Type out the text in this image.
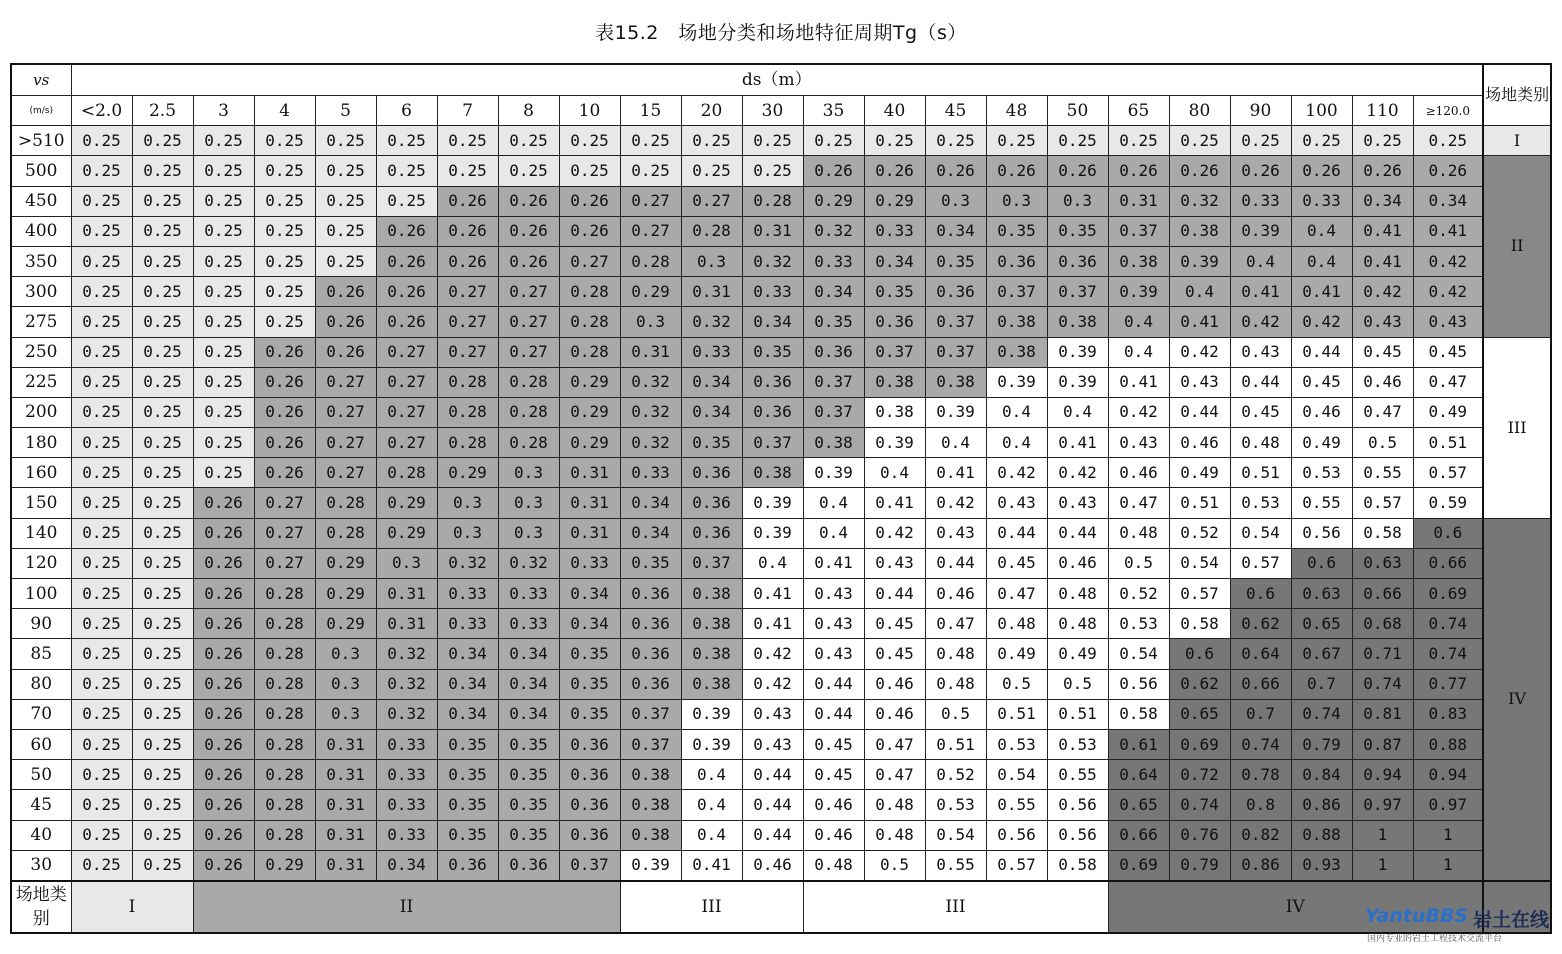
表15.2　场地分类和场地特征周期Tg（s）
vs	ds（m）																							场地类别
(m/s)	<2.0	2.5	3	4	5	6	7	8	10	15	20	30	35	40	45	48	50	65	80	90	100	110	≥120.0	
>510	0.25	0.25	0.25	0.25	0.25	0.25	0.25	0.25	0.25	0.25	0.25	0.25	0.25	0.25	0.25	0.25	0.25	0.25	0.25	0.25	0.25	0.25	0.25	I
500	0.25	0.25	0.25	0.25	0.25	0.25	0.25	0.25	0.25	0.25	0.25	0.25	0.26	0.26	0.26	0.26	0.26	0.26	0.26	0.26	0.26	0.26	0.26	II
450	0.25	0.25	0.25	0.25	0.25	0.25	0.26	0.26	0.26	0.27	0.27	0.28	0.29	0.29	0.3	0.3	0.3	0.31	0.32	0.33	0.33	0.34	0.34	
400	0.25	0.25	0.25	0.25	0.25	0.26	0.26	0.26	0.26	0.27	0.28	0.31	0.32	0.33	0.34	0.35	0.35	0.37	0.38	0.39	0.4	0.41	0.41	
350	0.25	0.25	0.25	0.25	0.25	0.26	0.26	0.26	0.27	0.28	0.3	0.32	0.33	0.34	0.35	0.36	0.36	0.38	0.39	0.4	0.4	0.41	0.42	
300	0.25	0.25	0.25	0.25	0.26	0.26	0.27	0.27	0.28	0.29	0.31	0.33	0.34	0.35	0.36	0.37	0.37	0.39	0.4	0.41	0.41	0.42	0.42	
275	0.25	0.25	0.25	0.25	0.26	0.26	0.27	0.27	0.28	0.3	0.32	0.34	0.35	0.36	0.37	0.38	0.38	0.4	0.41	0.42	0.42	0.43	0.43	
250	0.25	0.25	0.25	0.26	0.26	0.27	0.27	0.27	0.28	0.31	0.33	0.35	0.36	0.37	0.37	0.38	0.39	0.4	0.42	0.43	0.44	0.45	0.45	III
225	0.25	0.25	0.25	0.26	0.27	0.27	0.28	0.28	0.29	0.32	0.34	0.36	0.37	0.38	0.38	0.39	0.39	0.41	0.43	0.44	0.45	0.46	0.47	
200	0.25	0.25	0.25	0.26	0.27	0.27	0.28	0.28	0.29	0.32	0.34	0.36	0.37	0.38	0.39	0.4	0.4	0.42	0.44	0.45	0.46	0.47	0.49	
180	0.25	0.25	0.25	0.26	0.27	0.27	0.28	0.28	0.29	0.32	0.35	0.37	0.38	0.39	0.4	0.4	0.41	0.43	0.46	0.48	0.49	0.5	0.51	
160	0.25	0.25	0.25	0.26	0.27	0.28	0.29	0.3	0.31	0.33	0.36	0.38	0.39	0.4	0.41	0.42	0.42	0.46	0.49	0.51	0.53	0.55	0.57	
150	0.25	0.25	0.26	0.27	0.28	0.29	0.3	0.3	0.31	0.34	0.36	0.39	0.4	0.41	0.42	0.43	0.43	0.47	0.51	0.53	0.55	0.57	0.59	
140	0.25	0.25	0.26	0.27	0.28	0.29	0.3	0.3	0.31	0.34	0.36	0.39	0.4	0.42	0.43	0.44	0.44	0.48	0.52	0.54	0.56	0.58	0.6	IV
120	0.25	0.25	0.26	0.27	0.29	0.3	0.32	0.32	0.33	0.35	0.37	0.4	0.41	0.43	0.44	0.45	0.46	0.5	0.54	0.57	0.6	0.63	0.66	
100	0.25	0.25	0.26	0.28	0.29	0.31	0.33	0.33	0.34	0.36	0.38	0.41	0.43	0.44	0.46	0.47	0.48	0.52	0.57	0.6	0.63	0.66	0.69	
90	0.25	0.25	0.26	0.28	0.29	0.31	0.33	0.33	0.34	0.36	0.38	0.41	0.43	0.45	0.47	0.48	0.48	0.53	0.58	0.62	0.65	0.68	0.74	
85	0.25	0.25	0.26	0.28	0.3	0.32	0.34	0.34	0.35	0.36	0.38	0.42	0.43	0.45	0.48	0.49	0.49	0.54	0.6	0.64	0.67	0.71	0.74	
80	0.25	0.25	0.26	0.28	0.3	0.32	0.34	0.34	0.35	0.36	0.38	0.42	0.44	0.46	0.48	0.5	0.5	0.56	0.62	0.66	0.7	0.74	0.77	
70	0.25	0.25	0.26	0.28	0.3	0.32	0.34	0.34	0.35	0.37	0.39	0.43	0.44	0.46	0.5	0.51	0.51	0.58	0.65	0.7	0.74	0.81	0.83	
60	0.25	0.25	0.26	0.28	0.31	0.33	0.35	0.35	0.36	0.37	0.39	0.43	0.45	0.47	0.51	0.53	0.53	0.61	0.69	0.74	0.79	0.87	0.88	
50	0.25	0.25	0.26	0.28	0.31	0.33	0.35	0.35	0.36	0.38	0.4	0.44	0.45	0.47	0.52	0.54	0.55	0.64	0.72	0.78	0.84	0.94	0.94	
45	0.25	0.25	0.26	0.28	0.31	0.33	0.35	0.35	0.36	0.38	0.4	0.44	0.46	0.48	0.53	0.55	0.56	0.65	0.74	0.8	0.86	0.97	0.97	
40	0.25	0.25	0.26	0.28	0.31	0.33	0.35	0.35	0.36	0.38	0.4	0.44	0.46	0.48	0.54	0.56	0.56	0.66	0.76	0.82	0.88	1	1	
30	0.25	0.25	0.26	0.29	0.31	0.34	0.36	0.36	0.37	0.39	0.41	0.46	0.48	0.5	0.55	0.57	0.58	0.69	0.79	0.86	0.93	1	1	
场地类别	I		II							III			III					IV							YantuBBS 岩土在线
国内专业的岩土工程技术交流平台
